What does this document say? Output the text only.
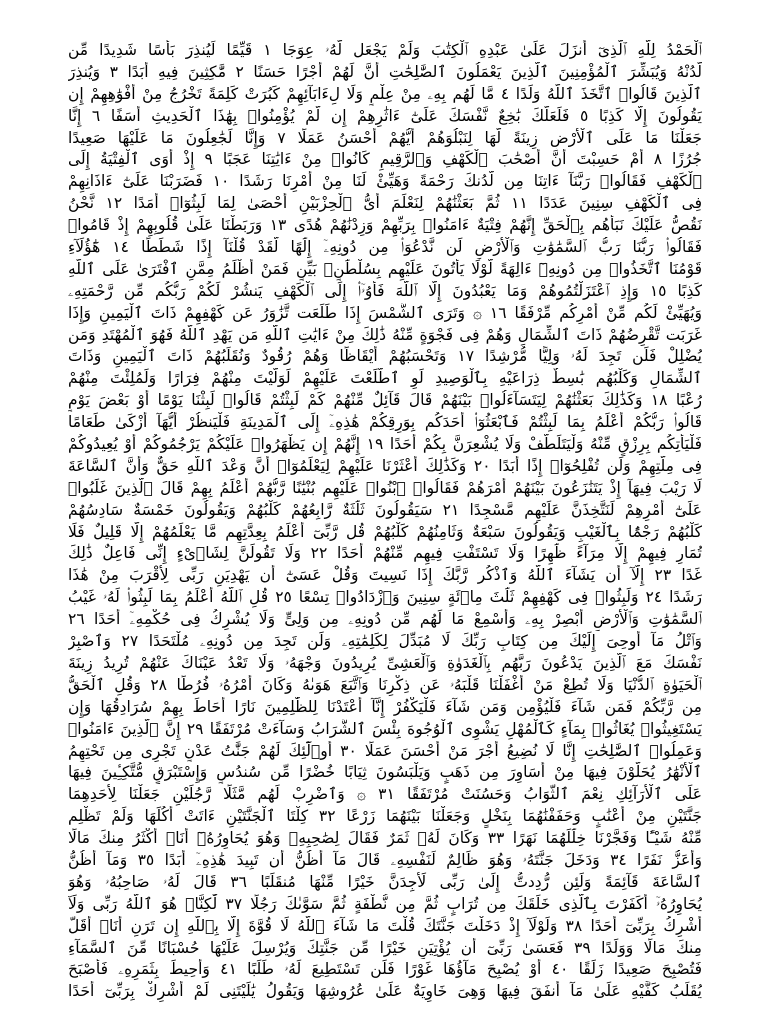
ٱلْحَمْدُ لِلَّهِ ٱلَّذِىٓ أَنزَلَ عَلَىٰ عَبْدِهِ ٱلْكِتَٰبَ وَلَمْ يَجْعَل لَّهُۥ عِوَجَا ١ قَيِّمًا لِّيُنذِرَ بَأْسًا شَدِيدًا مِّن
لَّدُنْهُ وَيُبَشِّرَ ٱلْمُؤْمِنِينَ ٱلَّذِينَ يَعْمَلُونَ ٱلصَّٰلِحَٰتِ أَنَّ لَهُمْ أَجْرًا حَسَنًا ٢ مَّٰكِثِينَ فِيهِ أَبَدًا ٣ وَيُنذِرَ
ٱلَّذِينَ قَالُوا۟ ٱتَّخَذَ ٱللَّهُ وَلَدًا ٤ مَّا لَهُم بِهِۦ مِنْ عِلْمٍ وَلَا لِءَابَآئِهِمْ كَبُرَتْ كَلِمَةً تَخْرُجُ مِنْ أَفْوَٰهِهِمْ إِن
يَقُولُونَ إِلَّا كَذِبًا ٥ فَلَعَلَّكَ بَٰخِعٌ نَّفْسَكَ عَلَىٰٓ ءَاثَٰرِهِمْ إِن لَّمْ يُؤْمِنُوا۟ بِهَٰذَا ٱلْحَدِيثِ أَسَفًا ٦ إِنَّا
جَعَلْنَا مَا عَلَى ٱلْأَرْضِ زِينَةً لَّهَا لِنَبْلُوَهُمْ أَيُّهُمْ أَحْسَنُ عَمَلًا ٧ وَإِنَّا لَجَٰعِلُونَ مَا عَلَيْهَا صَعِيدًا
جُرُزًا ٨ أَمْ حَسِبْتَ أَنَّ أَصْحَٰبَ ٱلْكَهْفِ وَٱلرَّقِيمِ كَانُوا۟ مِنْ ءَايَٰتِنَا عَجَبًا ٩ إِذْ أَوَى ٱلْفِتْيَةُ إِلَى
ٱلْكَهْفِ فَقَالُوا۟ رَبَّنَآ ءَاتِنَا مِن لَّدُنكَ رَحْمَةً وَهَيِّئْ لَنَا مِنْ أَمْرِنَا رَشَدًا ١٠ فَضَرَبْنَا عَلَىٰٓ ءَاذَانِهِمْ
فِى ٱلْكَهْفِ سِنِينَ عَدَدًا ١١ ثُمَّ بَعَثْنَٰهُمْ لِنَعْلَمَ أَىُّ ٱلْحِزْبَيْنِ أَحْصَىٰ لِمَا لَبِثُوٓا۟ أَمَدًا ١٢ نَّحْنُ
نَقُصُّ عَلَيْكَ نَبَأَهُم بِٱلْحَقِّ إِنَّهُمْ فِتْيَةٌ ءَامَنُوا۟ بِرَبِّهِمْ وَزِدْنَٰهُمْ هُدًى ١٣ وَرَبَطْنَا عَلَىٰ قُلُوبِهِمْ إِذْ قَامُوا۟
فَقَالُوا۟ رَبُّنَا رَبُّ ٱلسَّمَٰوَٰتِ وَٱلْأَرْضِ لَن نَّدْعُوَا۟ مِن دُونِهِۦٓ إِلَٰهًا لَّقَدْ قُلْنَآ إِذًا شَطَطًا ١٤ هَٰٓؤُلَآءِ
قَوْمُنَا ٱتَّخَذُوا۟ مِن دُونِهِۦٓ ءَالِهَةً لَّوْلَا يَأْتُونَ عَلَيْهِم بِسُلْطَٰنٍۭ بَيِّنٍ فَمَنْ أَظْلَمُ مِمَّنِ ٱفْتَرَىٰ عَلَى ٱللَّهِ
كَذِبًا ١٥ وَإِذِ ٱعْتَزَلْتُمُوهُمْ وَمَا يَعْبُدُونَ إِلَّا ٱللَّهَ فَأْوُۥٓا۟ إِلَى ٱلْكَهْفِ يَنشُرْ لَكُمْ رَبُّكُم مِّن رَّحْمَتِهِۦ
وَيُهَيِّئْ لَكُم مِّنْ أَمْرِكُم مِّرْفَقًا ١٦ ۞ وَتَرَى ٱلشَّمْسَ إِذَا طَلَعَت تَّزَٰوَرُ عَن كَهْفِهِمْ ذَاتَ ٱلْيَمِينِ وَإِذَا
غَرَبَت تَّقْرِضُهُمْ ذَاتَ ٱلشِّمَالِ وَهُمْ فِى فَجْوَةٍ مِّنْهُ ذَٰلِكَ مِنْ ءَايَٰتِ ٱللَّهِ مَن يَهْدِ ٱللَّهُ فَهُوَ ٱلْمُهْتَدِ وَمَن
يُضْلِلْ فَلَن تَجِدَ لَهُۥ وَلِيًّا مُّرْشِدًا ١٧ وَتَحْسَبُهُمْ أَيْقَاظًا وَهُمْ رُقُودٌ وَنُقَلِّبُهُمْ ذَاتَ ٱلْيَمِينِ وَذَاتَ
ٱلشِّمَالِ وَكَلْبُهُم بَٰسِطٌ ذِرَاعَيْهِ بِٱلْوَصِيدِ لَوِ ٱطَّلَعْتَ عَلَيْهِمْ لَوَلَّيْتَ مِنْهُمْ فِرَارًا وَلَمُلِئْتَ مِنْهُمْ
رُعْبًا ١٨ وَكَذَٰلِكَ بَعَثْنَٰهُمْ لِيَتَسَآءَلُوا۟ بَيْنَهُمْ قَالَ قَآئِلٌ مِّنْهُمْ كَمْ لَبِثْتُمْ قَالُوا۟ لَبِثْنَا يَوْمًا أَوْ بَعْضَ يَوْمٍ
قَالُوا۟ رَبُّكُمْ أَعْلَمُ بِمَا لَبِثْتُمْ فَٱبْعَثُوٓا۟ أَحَدَكُم بِوَرِقِكُمْ هَٰذِهِۦٓ إِلَى ٱلْمَدِينَةِ فَلْيَنظُرْ أَيُّهَآ أَزْكَىٰ طَعَامًا
فَلْيَأْتِكُم بِرِزْقٍ مِّنْهُ وَلْيَتَلَطَّفْ وَلَا يُشْعِرَنَّ بِكُمْ أَحَدًا ١٩ إِنَّهُمْ إِن يَظْهَرُوا۟ عَلَيْكُمْ يَرْجُمُوكُمْ أَوْ يُعِيدُوكُمْ
فِى مِلَّتِهِمْ وَلَن تُفْلِحُوٓا۟ إِذًا أَبَدًا ٢٠ وَكَذَٰلِكَ أَعْثَرْنَا عَلَيْهِمْ لِيَعْلَمُوٓا۟ أَنَّ وَعْدَ ٱللَّهِ حَقٌّ وَأَنَّ ٱلسَّاعَةَ
لَا رَيْبَ فِيهَآ إِذْ يَتَنَٰزَعُونَ بَيْنَهُمْ أَمْرَهُمْ فَقَالُوا۟ ٱبْنُوا۟ عَلَيْهِم بُنْيَٰنًا رَّبُّهُمْ أَعْلَمُ بِهِمْ قَالَ ٱلَّذِينَ غَلَبُوا۟
عَلَىٰٓ أَمْرِهِمْ لَنَتَّخِذَنَّ عَلَيْهِم مَّسْجِدًا ٢١ سَيَقُولُونَ ثَلَٰثَةٌ رَّابِعُهُمْ كَلْبُهُمْ وَيَقُولُونَ خَمْسَةٌ سَادِسُهُمْ
كَلْبُهُمْ رَجْمًۢا بِٱلْغَيْبِ وَيَقُولُونَ سَبْعَةٌ وَثَامِنُهُمْ كَلْبُهُمْ قُل رَّبِّىٓ أَعْلَمُ بِعِدَّتِهِم مَّا يَعْلَمُهُمْ إِلَّا قَلِيلٌ فَلَا
تُمَارِ فِيهِمْ إِلَّا مِرَآءً ظَٰهِرًا وَلَا تَسْتَفْتِ فِيهِم مِّنْهُمْ أَحَدًا ٢٢ وَلَا تَقُولَنَّ لِشَا۟ىْءٍ إِنِّى فَاعِلٌ ذَٰلِكَ
غَدًا ٢٣ إِلَّآ أَن يَشَآءَ ٱللَّهُ وَٱذْكُر رَّبَّكَ إِذَا نَسِيتَ وَقُلْ عَسَىٰٓ أَن يَهْدِيَنِ رَبِّى لِأَقْرَبَ مِنْ هَٰذَا
رَشَدًا ٢٤ وَلَبِثُوا۟ فِى كَهْفِهِمْ ثَلَٰثَ مِا۟ئَةٍ سِنِينَ وَٱزْدَادُوا۟ تِسْعًا ٢٥ قُلِ ٱللَّهُ أَعْلَمُ بِمَا لَبِثُوا۟ لَهُۥ غَيْبُ
ٱلسَّمَٰوَٰتِ وَٱلْأَرْضِ أَبْصِرْ بِهِۦ وَأَسْمِعْ مَا لَهُم مِّن دُونِهِۦ مِن وَلِىٍّ وَلَا يُشْرِكُ فِى حُكْمِهِۦٓ أَحَدًا ٢٦
وَٱتْلُ مَآ أُوحِىَ إِلَيْكَ مِن كِتَابِ رَبِّكَ لَا مُبَدِّلَ لِكَلِمَٰتِهِۦ وَلَن تَجِدَ مِن دُونِهِۦ مُلْتَحَدًا ٢٧ وَٱصْبِرْ
نَفْسَكَ مَعَ ٱلَّذِينَ يَدْعُونَ رَبَّهُم بِٱلْغَدَوٰةِ وَٱلْعَشِىِّ يُرِيدُونَ وَجْهَهُۥ وَلَا تَعْدُ عَيْنَاكَ عَنْهُمْ تُرِيدُ زِينَةَ
ٱلْحَيَوٰةِ ٱلدُّنْيَا وَلَا تُطِعْ مَنْ أَغْفَلْنَا قَلْبَهُۥ عَن ذِكْرِنَا وَٱتَّبَعَ هَوَىٰهُ وَكَانَ أَمْرُهُۥ فُرُطًا ٢٨ وَقُلِ ٱلْحَقُّ
مِن رَّبِّكُمْ فَمَن شَآءَ فَلْيُؤْمِن وَمَن شَآءَ فَلْيَكْفُرْ إِنَّآ أَعْتَدْنَا لِلظَّٰلِمِينَ نَارًا أَحَاطَ بِهِمْ سُرَادِقُهَا وَإِن
يَسْتَغِيثُوا۟ يُغَاثُوا۟ بِمَآءٍ كَٱلْمُهْلِ يَشْوِى ٱلْوُجُوهَ بِئْسَ ٱلشَّرَابُ وَسَآءَتْ مُرْتَفَقًا ٢٩ إِنَّ ٱلَّذِينَ ءَامَنُوا۟
وَعَمِلُوا۟ ٱلصَّٰلِحَٰتِ إِنَّا لَا نُضِيعُ أَجْرَ مَنْ أَحْسَنَ عَمَلًا ٣٠ أُو۟لَٰٓئِكَ لَهُمْ جَنَّٰتُ عَدْنٍ تَجْرِى مِن تَحْتِهِمُ
ٱلْأَنْهَٰرُ يُحَلَّوْنَ فِيهَا مِنْ أَسَاوِرَ مِن ذَهَبٍ وَيَلْبَسُونَ ثِيَابًا خُضْرًا مِّن سُندُسٍ وَإِسْتَبْرَقٍ مُّتَّكِـِٔينَ فِيهَا
عَلَى ٱلْأَرَآئِكِ نِعْمَ ٱلثَّوَابُ وَحَسُنَتْ مُرْتَفَقًا ٣١ ۞ وَٱضْرِبْ لَهُم مَّثَلًا رَّجُلَيْنِ جَعَلْنَا لِأَحَدِهِمَا
جَنَّتَيْنِ مِنْ أَعْنَٰبٍ وَحَفَفْنَٰهُمَا بِنَخْلٍ وَجَعَلْنَا بَيْنَهُمَا زَرْعًا ٣٢ كِلْتَا ٱلْجَنَّتَيْنِ ءَاتَتْ أُكُلَهَا وَلَمْ تَظْلِم
مِّنْهُ شَيْـًٔا وَفَجَّرْنَا خِلَٰلَهُمَا نَهَرًا ٣٣ وَكَانَ لَهُۥ ثَمَرٌ فَقَالَ لِصَٰحِبِهِۦ وَهُوَ يُحَاوِرُهُۥٓ أَنَا۠ أَكْثَرُ مِنكَ مَالًا
وَأَعَزُّ نَفَرًا ٣٤ وَدَخَلَ جَنَّتَهُۥ وَهُوَ ظَالِمٌ لِّنَفْسِهِۦ قَالَ مَآ أَظُنُّ أَن تَبِيدَ هَٰذِهِۦٓ أَبَدًا ٣٥ وَمَآ أَظُنُّ
ٱلسَّاعَةَ قَآئِمَةً وَلَئِن رُّدِدتُّ إِلَىٰ رَبِّى لَأَجِدَنَّ خَيْرًا مِّنْهَا مُنقَلَبًا ٣٦ قَالَ لَهُۥ صَاحِبُهُۥ وَهُوَ
يُحَاوِرُهُۥٓ أَكَفَرْتَ بِٱلَّذِى خَلَقَكَ مِن تُرَابٍ ثُمَّ مِن نُّطْفَةٍ ثُمَّ سَوَّىٰكَ رَجُلًا ٣٧ لَّٰكِنَّا۠ هُوَ ٱللَّهُ رَبِّى وَلَآ
أُشْرِكُ بِرَبِّىٓ أَحَدًا ٣٨ وَلَوْلَآ إِذْ دَخَلْتَ جَنَّتَكَ قُلْتَ مَا شَآءَ ٱللَّهُ لَا قُوَّةَ إِلَّا بِٱللَّهِ إِن تَرَنِ أَنَا۠ أَقَلَّ
مِنكَ مَالًا وَوَلَدًا ٣٩ فَعَسَىٰ رَبِّىٓ أَن يُؤْتِيَنِ خَيْرًا مِّن جَنَّتِكَ وَيُرْسِلَ عَلَيْهَا حُسْبَانًا مِّنَ ٱلسَّمَآءِ
فَتُصْبِحَ صَعِيدًا زَلَقًا ٤٠ أَوْ يُصْبِحَ مَآؤُهَا غَوْرًا فَلَن تَسْتَطِيعَ لَهُۥ طَلَبًا ٤١ وَأُحِيطَ بِثَمَرِهِۦ فَأَصْبَحَ
يُقَلِّبُ كَفَّيْهِ عَلَىٰ مَآ أَنفَقَ فِيهَا وَهِىَ خَاوِيَةٌ عَلَىٰ عُرُوشِهَا وَيَقُولُ يَٰلَيْتَنِى لَمْ أُشْرِكْ بِرَبِّىٓ أَحَدًا
